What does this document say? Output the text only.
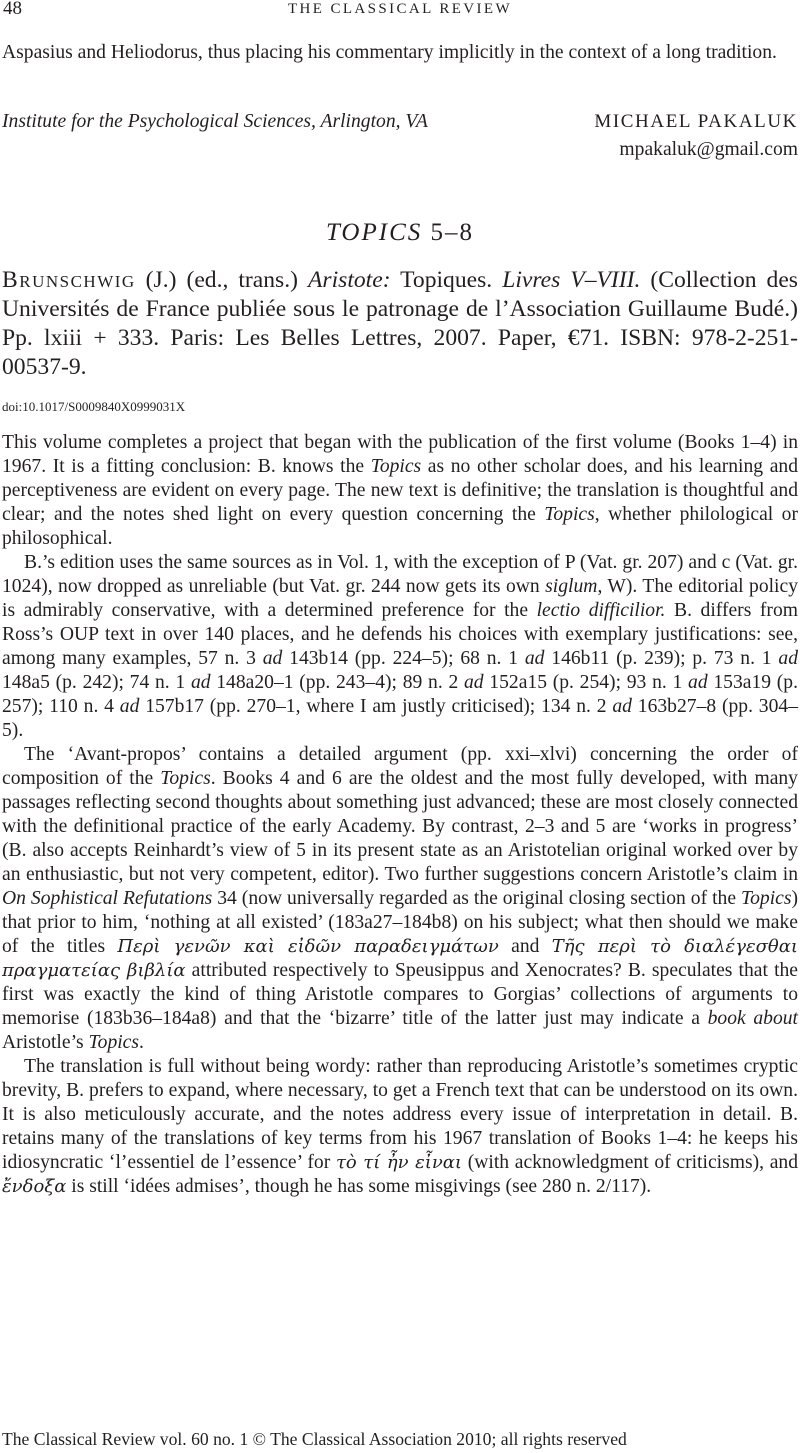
48	THE CLASSICAL REVIEW

Aspasius and Heliodorus, thus placing his commentary implicitly in the context of a long tradition.

Institute for the Psychological Sciences, Arlington, VA	MICHAEL PAKALUK
mpakaluk@gmail.com
TOPICS 5–8

Brunschwig (J.) (ed., trans.) Aristote: Topiques. Livres V–VIII. (Collection des Universités de France publiée sous le patronage de l’Association Guillaume Budé.) Pp. lxiii + 333. Paris: Les Belles Lettres, 2007. Paper, €71. ISBN: 978-2-251-00537-9.

doi:10.1017/S0009840X0999031X

This volume completes a project that began with the publication of the first volume (Books 1–4) in 1967. It is a fitting conclusion: B. knows the Topics as no other scholar does, and his learning and perceptiveness are evident on every page. The new text is definitive; the translation is thoughtful and clear; and the notes shed light on every question concerning the Topics, whether philological or philosophical.

B.’s edition uses the same sources as in Vol. 1, with the exception of P (Vat. gr. 207) and c (Vat. gr. 1024), now dropped as unreliable (but Vat. gr. 244 now gets its own siglum, W). The editorial policy is admirably conservative, with a determined preference for the lectio difficilior. B. differs from Ross’s OUP text in over 140 places, and he defends his choices with exemplary justifications: see, among many examples, 57 n. 3 ad 143b14 (pp. 224–5); 68 n. 1 ad 146b11 (p. 239); p. 73 n. 1 ad 148a5 (p. 242); 74 n. 1 ad 148a20–1 (pp. 243–4); 89 n. 2 ad 152a15 (p. 254); 93 n. 1 ad 153a19 (p. 257); 110 n. 4 ad 157b17 (pp. 270–1, where I am justly criticised); 134 n. 2 ad 163b27–8 (pp. 304–5).

The ‘Avant-propos’ contains a detailed argument (pp. xxi–xlvi) concerning the order of composition of the Topics. Books 4 and 6 are the oldest and the most fully developed, with many passages reflecting second thoughts about something just advanced; these are most closely connected with the definitional practice of the early Academy. By contrast, 2–3 and 5 are ‘works in progress’ (B. also accepts Reinhardt’s view of 5 in its present state as an Aristotelian original worked over by an enthusiastic, but not very competent, editor). Two further suggestions concern Aristotle’s claim in On Sophistical Refutations 34 (now universally regarded as the original closing section of the Topics) that prior to him, ‘nothing at all existed’ (183a27–184b8) on his subject; what then should we make of the titles Περὶ γενῶν καὶ εἰδῶν παραδειγμάτων and Τῆς περὶ τὸ διαλέγεσθαι πραγματείας βιβλία attributed respectively to Speusippus and Xenocrates? B. speculates that the first was exactly the kind of thing Aristotle compares to Gorgias’ collections of arguments to memorise (183b36–184a8) and that the ‘bizarre’ title of the latter just may indicate a book about Aristotle’s Topics.

The translation is full without being wordy: rather than reproducing Aristotle’s sometimes cryptic brevity, B. prefers to expand, where necessary, to get a French text that can be understood on its own. It is also meticulously accurate, and the notes address every issue of interpretation in detail. B. retains many of the translations of key terms from his 1967 translation of Books 1–4: he keeps his idiosyncratic ‘l’essentiel de l’essence’ for τὸ τί ἦν εἶναι (with acknowledgment of criticisms), and ἔνδοξα is still ‘idées admises’, though he has some misgivings (see 280 n. 2/117).

The Classical Review vol. 60 no. 1 © The Classical Association 2010; all rights reserved
